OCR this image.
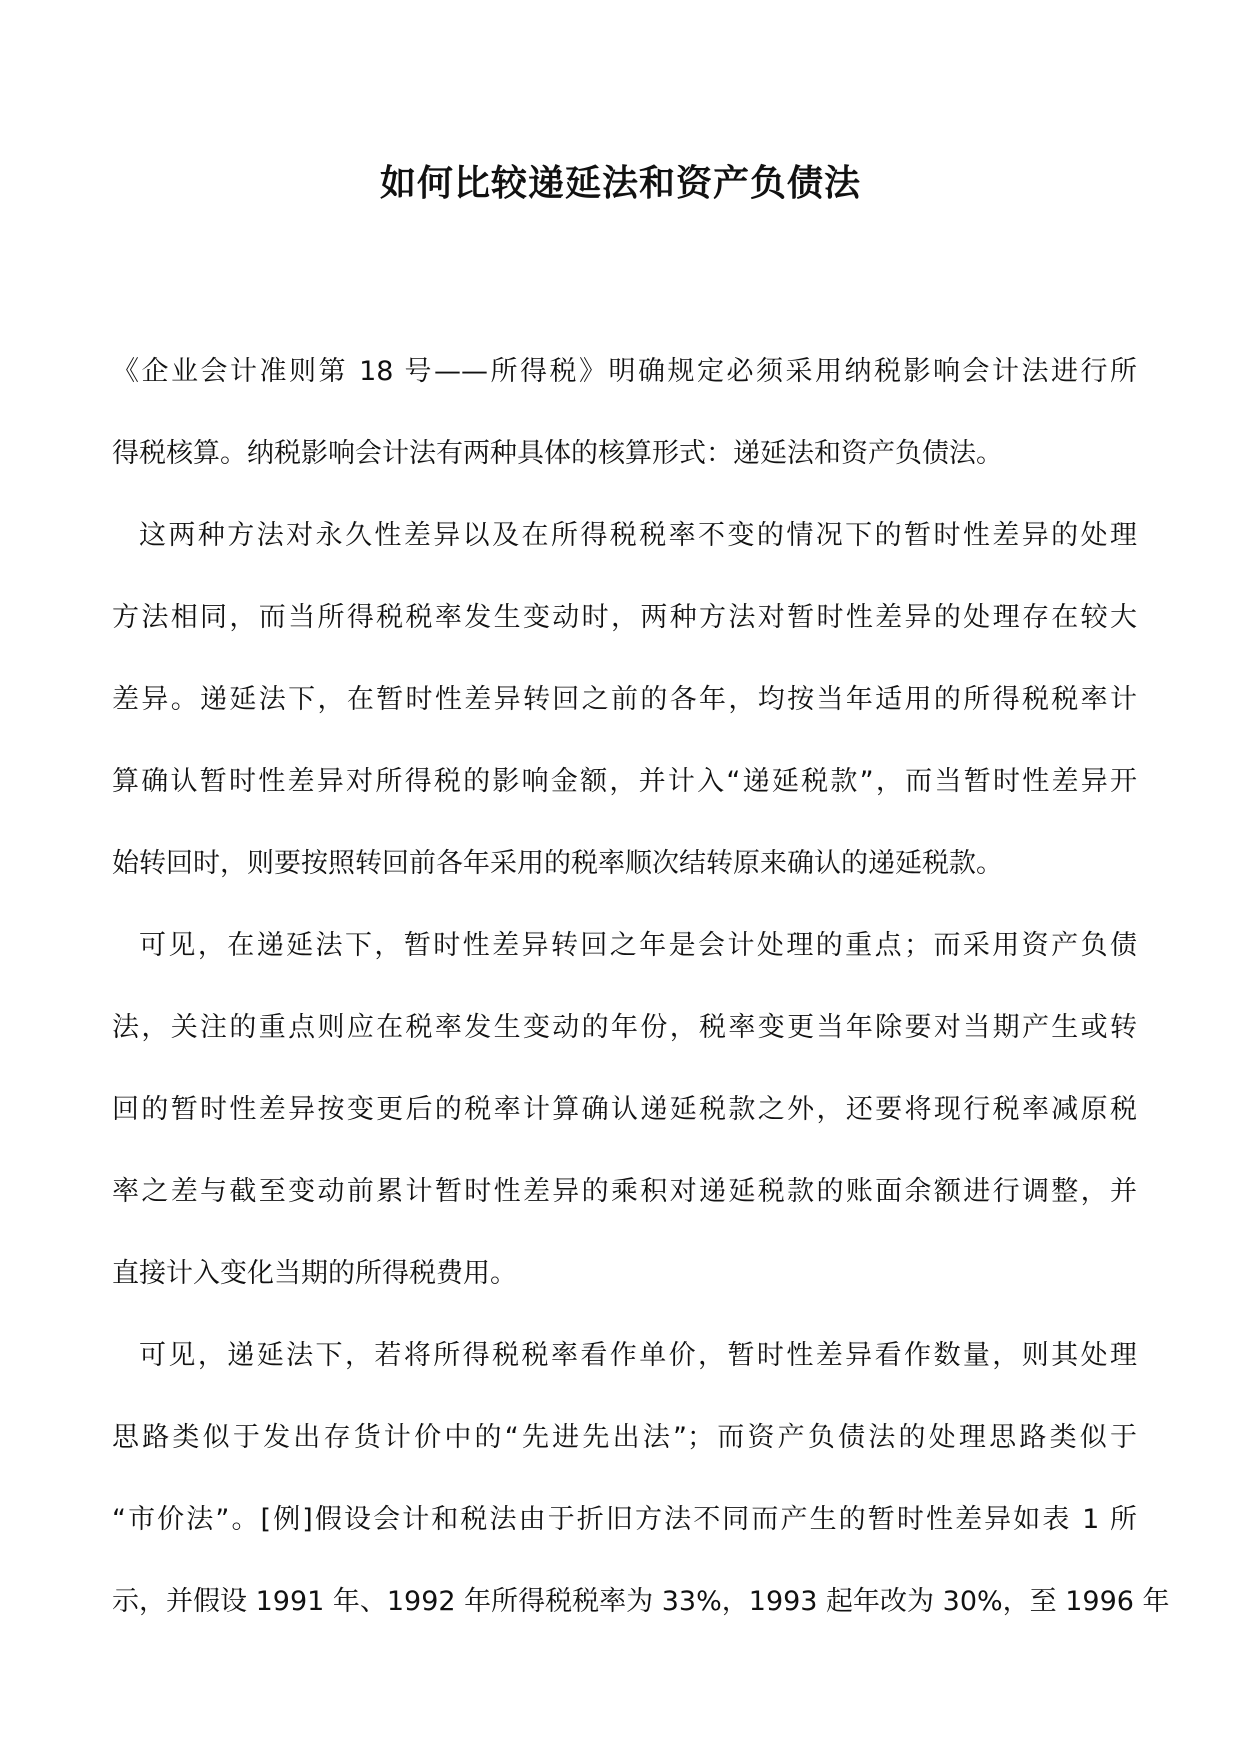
如何比较递延法和资产负债法
《企业会计准则第 18 号——所得税》明确规定必须采用纳税影响会计法进行所
得税核算。纳税影响会计法有两种具体的核算形式：递延法和资产负债法。
这两种方法对永久性差异以及在所得税税率不变的情况下的暂时性差异的处理
方法相同，而当所得税税率发生变动时，两种方法对暂时性差异的处理存在较大
差异。递延法下，在暂时性差异转回之前的各年，均按当年适用的所得税税率计
算确认暂时性差异对所得税的影响金额，并计入“递延税款”，而当暂时性差异开
始转回时，则要按照转回前各年采用的税率顺次结转原来确认的递延税款。
可见，在递延法下，暂时性差异转回之年是会计处理的重点；而采用资产负债
法，关注的重点则应在税率发生变动的年份，税率变更当年除要对当期产生或转
回的暂时性差异按变更后的税率计算确认递延税款之外，还要将现行税率减原税
率之差与截至变动前累计暂时性差异的乘积对递延税款的账面余额进行调整，并
直接计入变化当期的所得税费用。
可见，递延法下，若将所得税税率看作单价，暂时性差异看作数量，则其处理
思路类似于发出存货计价中的“先进先出法”；而资产负债法的处理思路类似于
“市价法”。[例]假设会计和税法由于折旧方法不同而产生的暂时性差异如表 1 所
示，并假设 1991 年、1992 年所得税税率为 33%，1993 起年改为 30%，至 1996 年
